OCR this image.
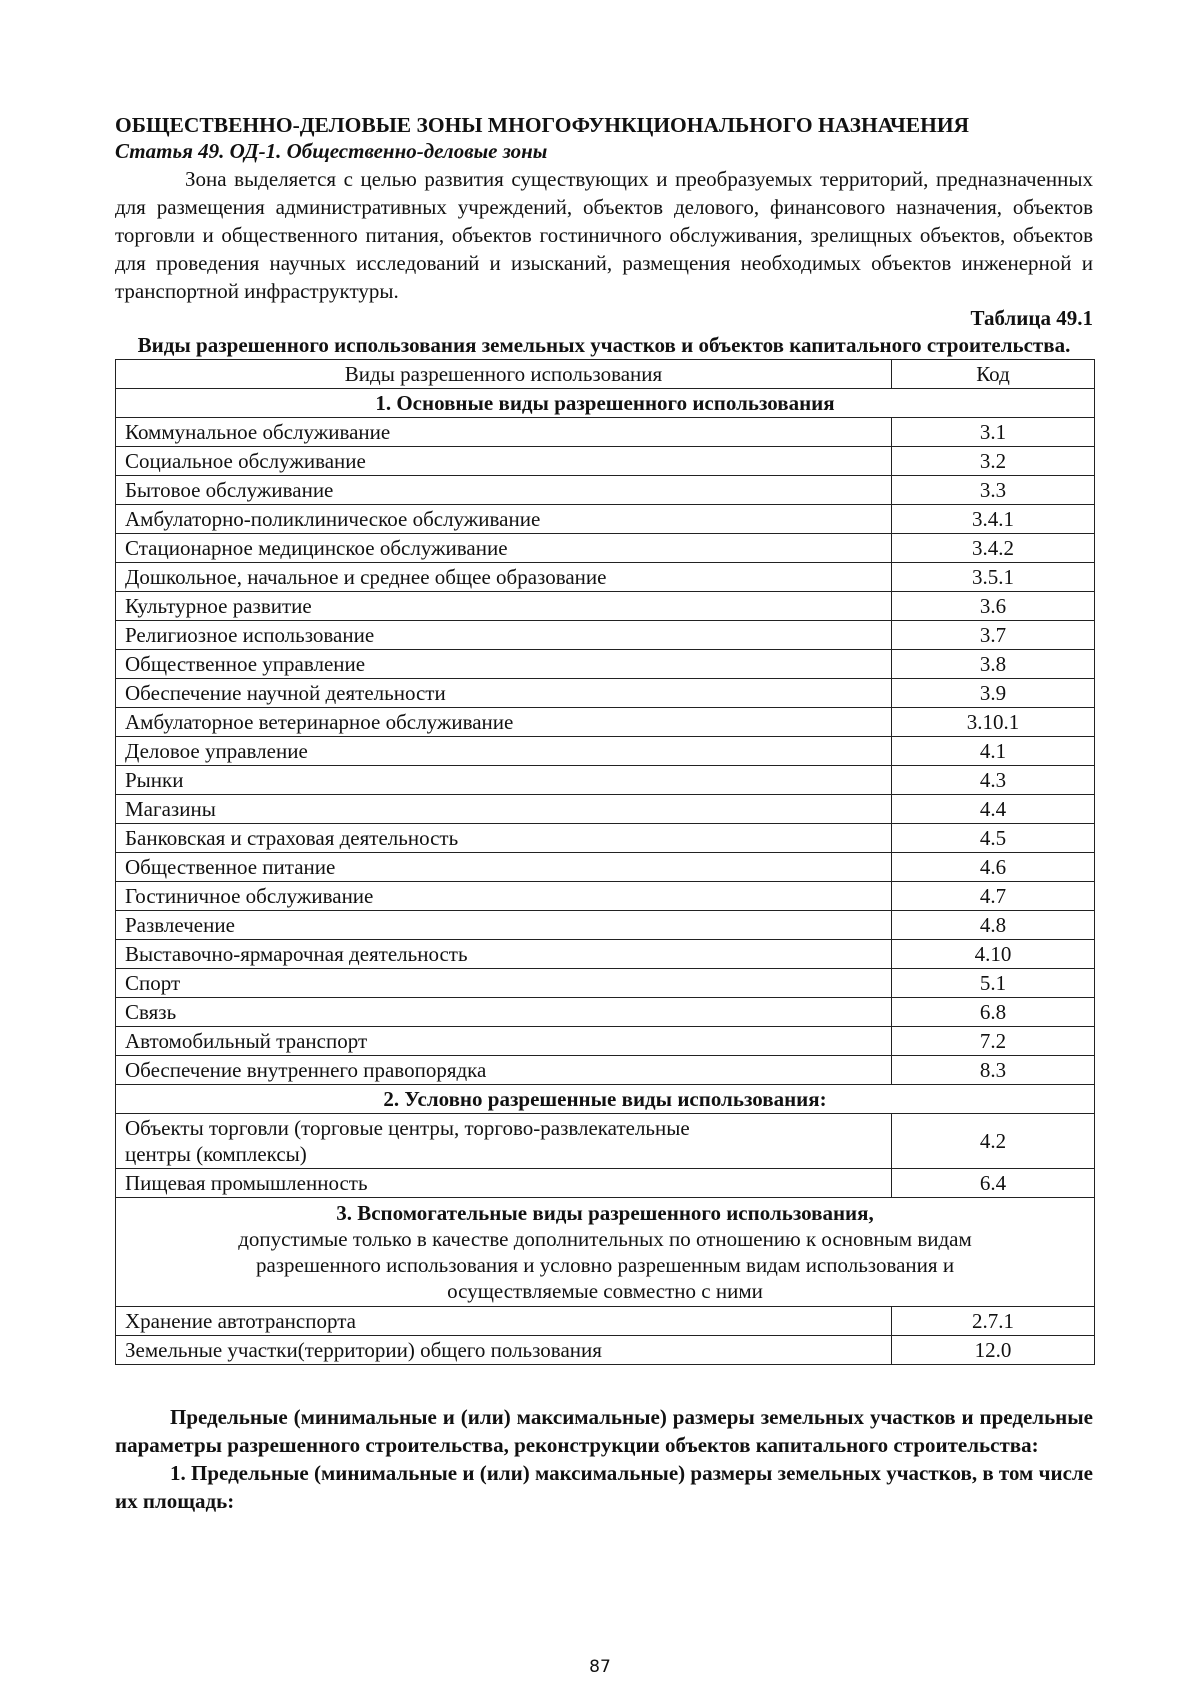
ОБЩЕСТВЕННО-ДЕЛОВЫЕ ЗОНЫ МНОГОФУНКЦИОНАЛЬНОГО НАЗНАЧЕНИЯ
Статья 49. ОД-1. Общественно-деловые зоны

Зона выделяется с целью развития существующих и преобразуемых территорий, предназначенных для размещения административных учреждений, объектов делового, финансового назначения, объектов торговли и общественного питания, объектов гостиничного обслуживания, зрелищных объектов, объектов для проведения научных исследований и изысканий, размещения необходимых объектов инженерной и транспортной инфраструктуры.

Таблица 49.1
Виды разрешенного использования земельных участков и объектов капитального строительства.
Виды разрешенного использования	Код
1. Основные виды разрешенного использования	
Коммунальное обслуживание	3.1
Социальное обслуживание	3.2
Бытовое обслуживание	3.3
Амбулаторно-поликлиническое обслуживание	3.4.1
Стационарное медицинское обслуживание	3.4.2
Дошкольное, начальное и среднее общее образование	3.5.1
Культурное развитие	3.6
Религиозное использование	3.7
Общественное управление	3.8
Обеспечение научной деятельности	3.9
Амбулаторное ветеринарное обслуживание	3.10.1
Деловое управление	4.1
Рынки	4.3
Магазины	4.4
Банковская и страховая деятельность	4.5
Общественное питание	4.6
Гостиничное обслуживание	4.7
Развлечение	4.8
Выставочно-ярмарочная деятельность	4.10
Спорт	5.1
Связь	6.8
Автомобильный транспорт	7.2
Обеспечение внутреннего правопорядка	8.3
2. Условно разрешенные виды использования:	

Объекты торговли (торговые центры, торгово-развлекательные
центры (комплексы)	4.2

Пищевая промышленность	6.4

3. Вспомогательные виды разрешенного использования,
допустимые только в качестве дополнительных по отношению к основным видам
разрешенного использования и условно разрешенным видам использования и
осуществляемые совместно с ними	

Хранение автотранспорта	2.7.1
Земельные участки(территории) общего пользования	12.0

Предельные (минимальные и (или) максимальные) размеры земельных участков и предельные параметры разрешенного строительства, реконструкции объектов капитального строительства:

1. Предельные (минимальные и (или) максимальные) размеры земельных участков, в том числе их площадь:

87
